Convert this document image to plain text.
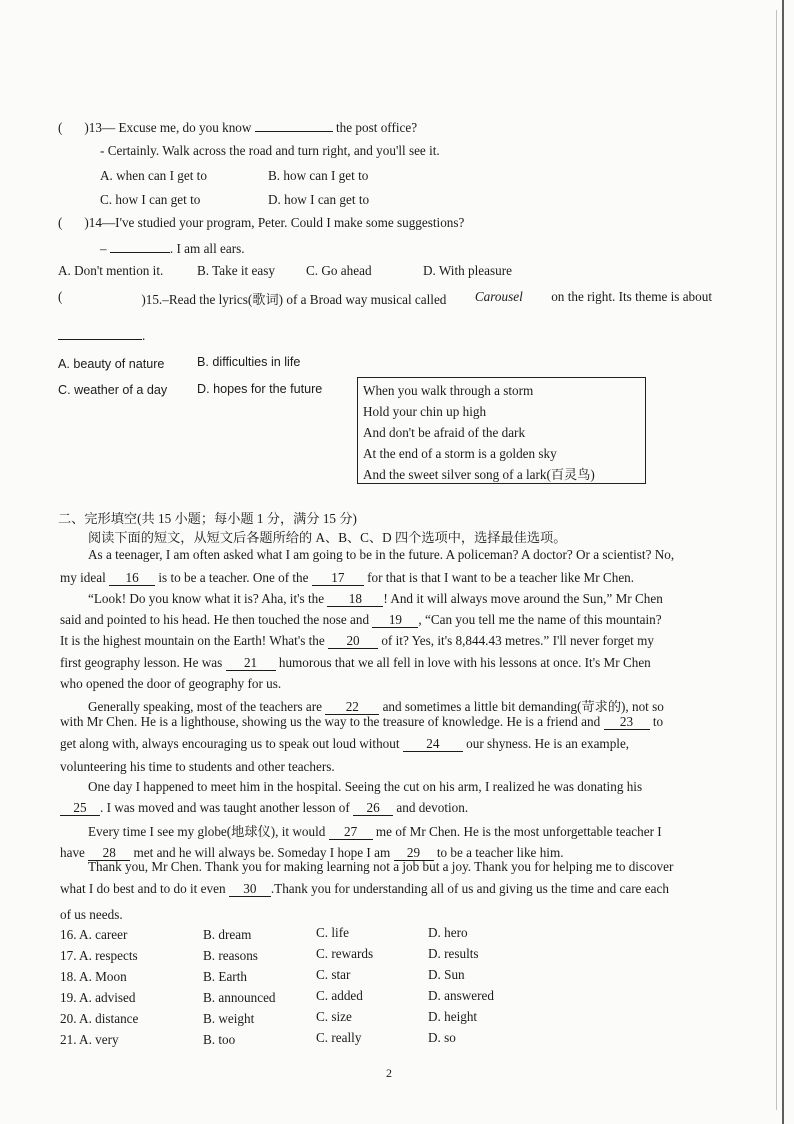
( )13— Excuse me, do you know	the post office?
- Certainly. Walk across the road and turn right, and you'll see it.
A. when can I get to	B. how can I get to
C. how I can get to	D. how I can get to
( )14—I've studied your program, Peter. Could I make some suggestions?
–	. I am all ears.
A. Don't mention it.	B. Take it easy C. Go ahead	D. With pleasure
(	)15.–Read the lyrics(歌词) of a Broad way musical called Carousel on the right. Its theme is about
.
A. beauty of nature	B. difficulties in life
C. weather of a day D. hopes for the future	When you walk through a storm
Hold your chin up high
And don't be afraid of the dark
At the end of a storm is a golden sky
And the sweet silver song of a lark(百灵鸟)
二、完形填空(共 15 小题；每小题 1 分，满分 15 分)
阅读下面的短文，从短文后各题所给的 A、B、C、D 四个选项中，选择最佳选项。
As a teenager, I am often asked what I am going to be in the future. A policeman? A doctor? Or a scientist? No,
my ideal 16 is to be a teacher. One of the 17 for that is that I want to be a teacher like Mr Chen.
“Look! Do you know what it is? Aha, it's the 18 ! And it will always move around the Sun,” Mr Chen
said and pointed to his head. He then touched the nose and 19 , “Can you tell me the name of this mountain?
It is the highest mountain on the Earth! What's the 20 of it? Yes, it's 8,844.43 metres.” I'll never forget my
first geography lesson. He was 21 humorous that we all fell in love with his lessons at once. It's Mr Chen
who opened the door of geography for us.
Generally speaking, most of the teachers are 22 and sometimes a little bit demanding(苛求的), not so
with Mr Chen. He is a lighthouse, showing us the way to the treasure of knowledge. He is a friend and 23 to
get along with, always encouraging us to speak out loud without 24 our shyness. He is an example,
volunteering his time to students and other teachers.
One day I happened to meet him in the hospital. Seeing the cut on his arm, I realized he was donating his
25 . I was moved and was taught another lesson of 26 and devotion.
Every time I see my globe(地球仪), it would 27 me of Mr Chen. He is the most unforgettable teacher I
have 28 met and he will always be. Someday I hope I am 29 to be a teacher like him.
Thank you, Mr Chen. Thank you for making learning not a job but a joy. Thank you for helping me to discover
what I do best and to do it even 30 .Thank you for understanding all of us and giving us the time and care each
of us needs.
16. A. career	B. dream	C. life	D. hero
17. A. respects	B. reasons	C. rewards	D. results
18. A. Moon	B. Earth	C. star	D. Sun
19. A. advised	B. announced	C. added	D. answered
20. A. distance	B. weight	C. size	D. height
21. A. very	B. too	C. really	D. so
2
